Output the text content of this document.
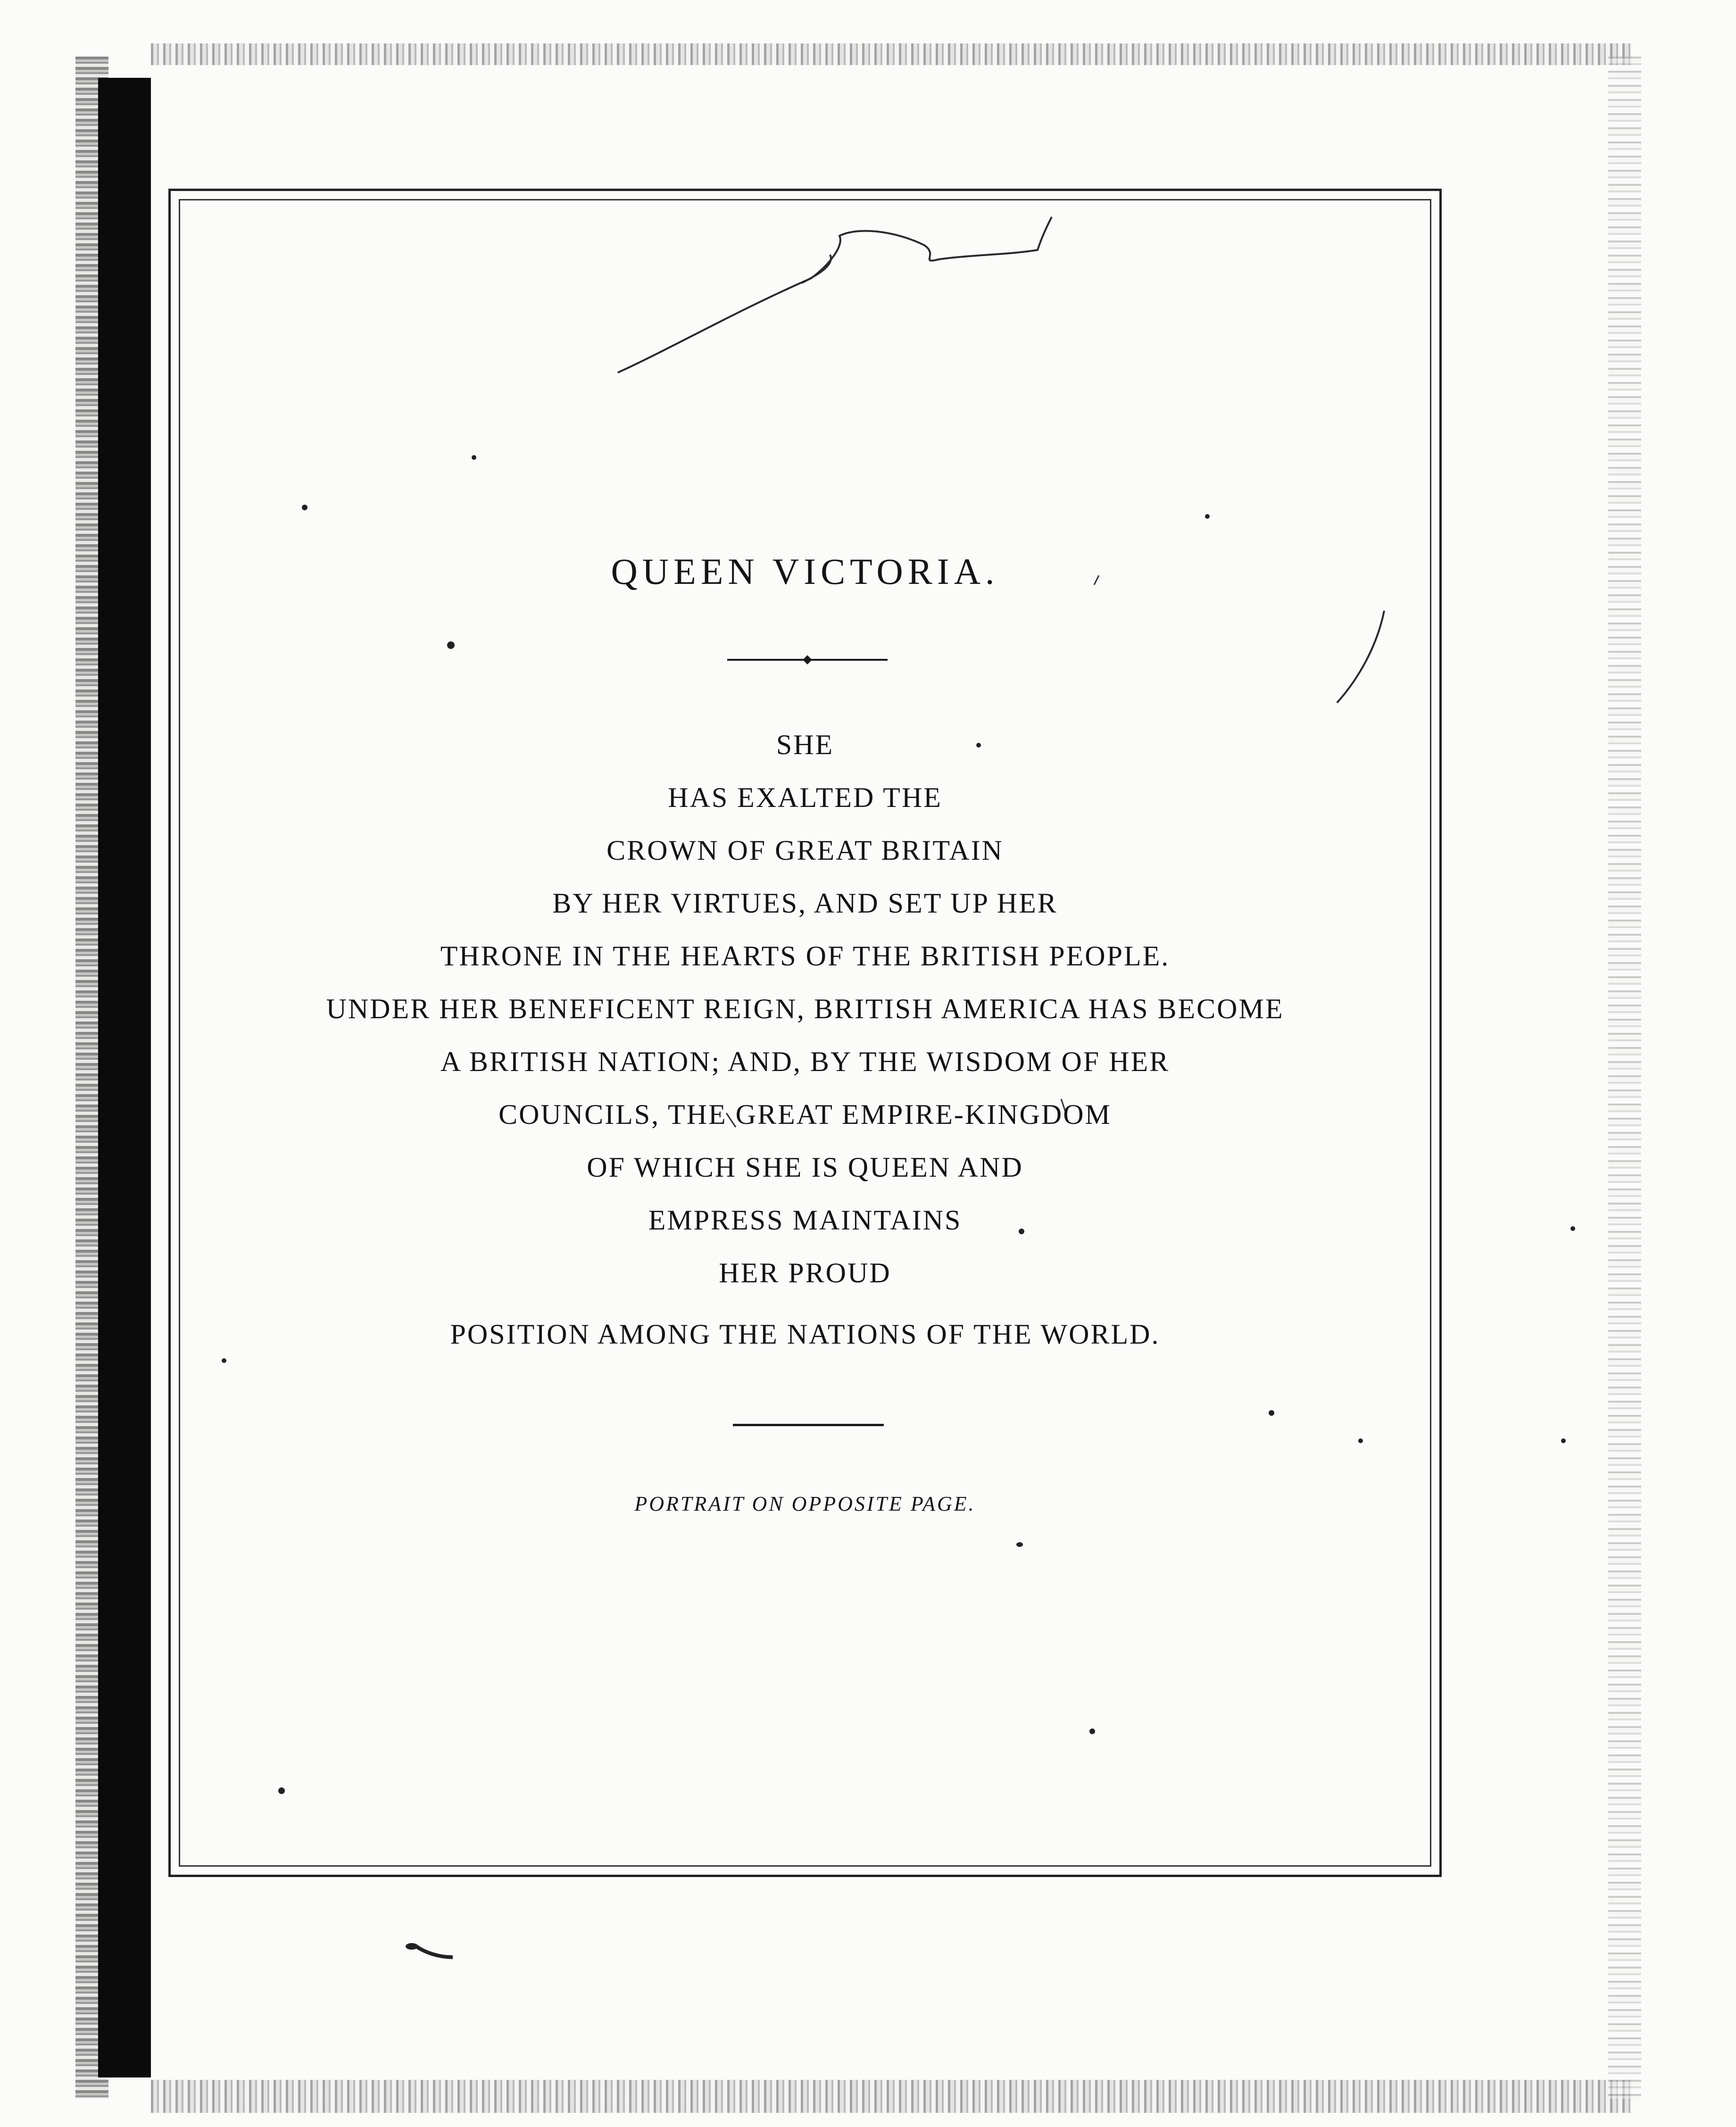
QUEEN VICTORIA.
SHE
HAS EXALTED THE
CROWN OF GREAT BRITAIN
BY HER VIRTUES, AND SET UP HER
THRONE IN THE HEARTS OF THE BRITISH PEOPLE.
UNDER HER BENEFICENT REIGN, BRITISH AMERICA HAS BECOME
A BRITISH NATION; AND, BY THE WISDOM OF HER
COUNCILS, THE GREAT EMPIRE-KINGDOM
OF WHICH SHE IS QUEEN AND
EMPRESS MAINTAINS
HER PROUD
POSITION AMONG THE NATIONS OF THE WORLD.
PORTRAIT ON OPPOSITE PAGE.
